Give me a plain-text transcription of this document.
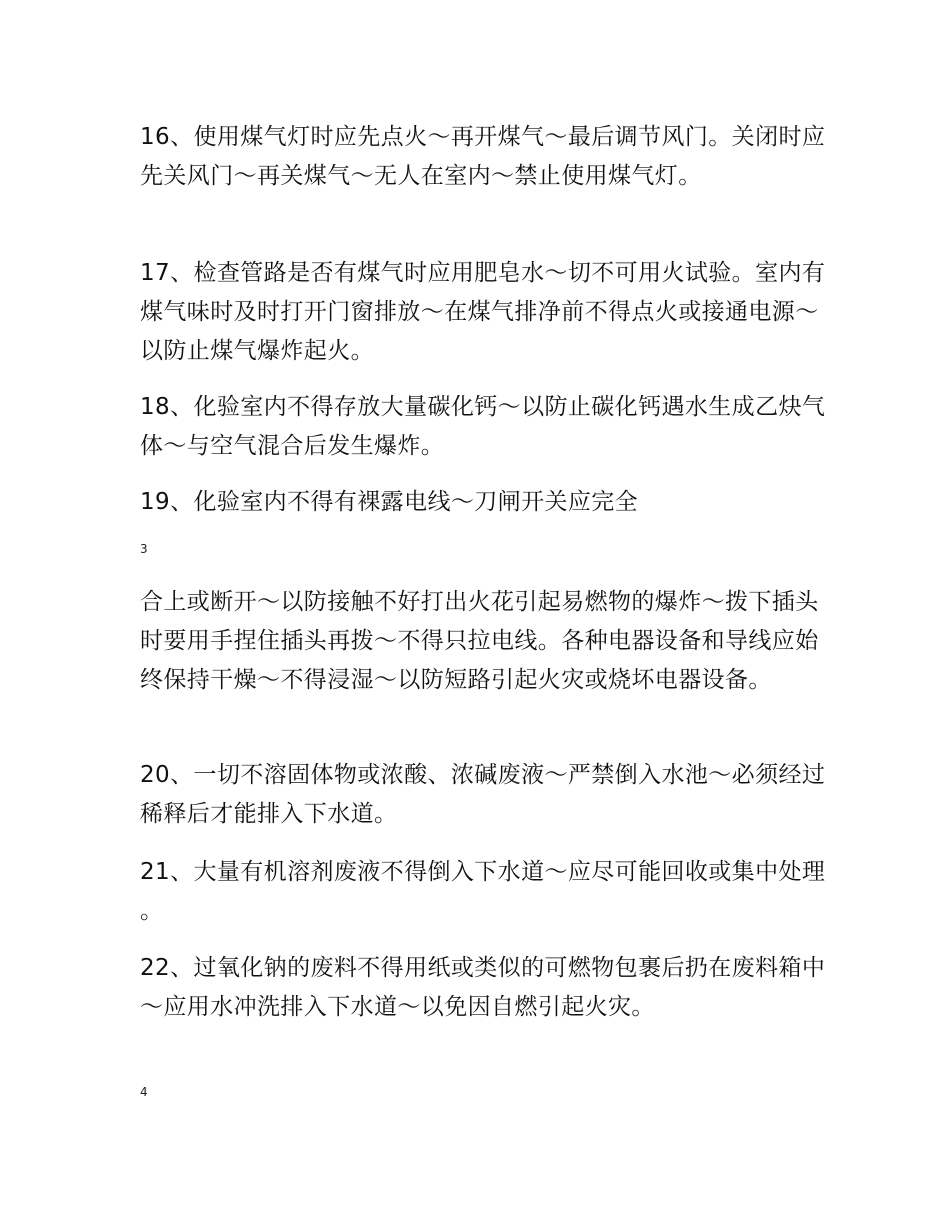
16、使用煤气灯时应先点火～再开煤气～最后调节风门。关闭时应先关风门～再关煤气～无人在室内～禁止使用煤气灯。

17、检查管路是否有煤气时应用肥皂水～切不可用火试验。室内有煤气味时及时打开门窗排放～在煤气排净前不得点火或接通电源～以防止煤气爆炸起火。

18、化验室内不得存放大量碳化钙～以防止碳化钙遇水生成乙炔气体～与空气混合后发生爆炸。

19、化验室内不得有裸露电线～刀闸开关应完全

3

合上或断开～以防接触不好打出火花引起易燃物的爆炸～拨下插头时要用手捏住插头再拨～不得只拉电线。各种电器设备和导线应始终保持干燥～不得浸湿～以防短路引起火灾或烧坏电器设备。

20、一切不溶固体物或浓酸、浓碱废液～严禁倒入水池～必须经过稀释后才能排入下水道。

21、大量有机溶剂废液不得倒入下水道～应尽可能回收或集中处理。

22、过氧化钠的废料不得用纸或类似的可燃物包裹后扔在废料箱中～应用水冲洗排入下水道～以免因自燃引起火灾。

4
